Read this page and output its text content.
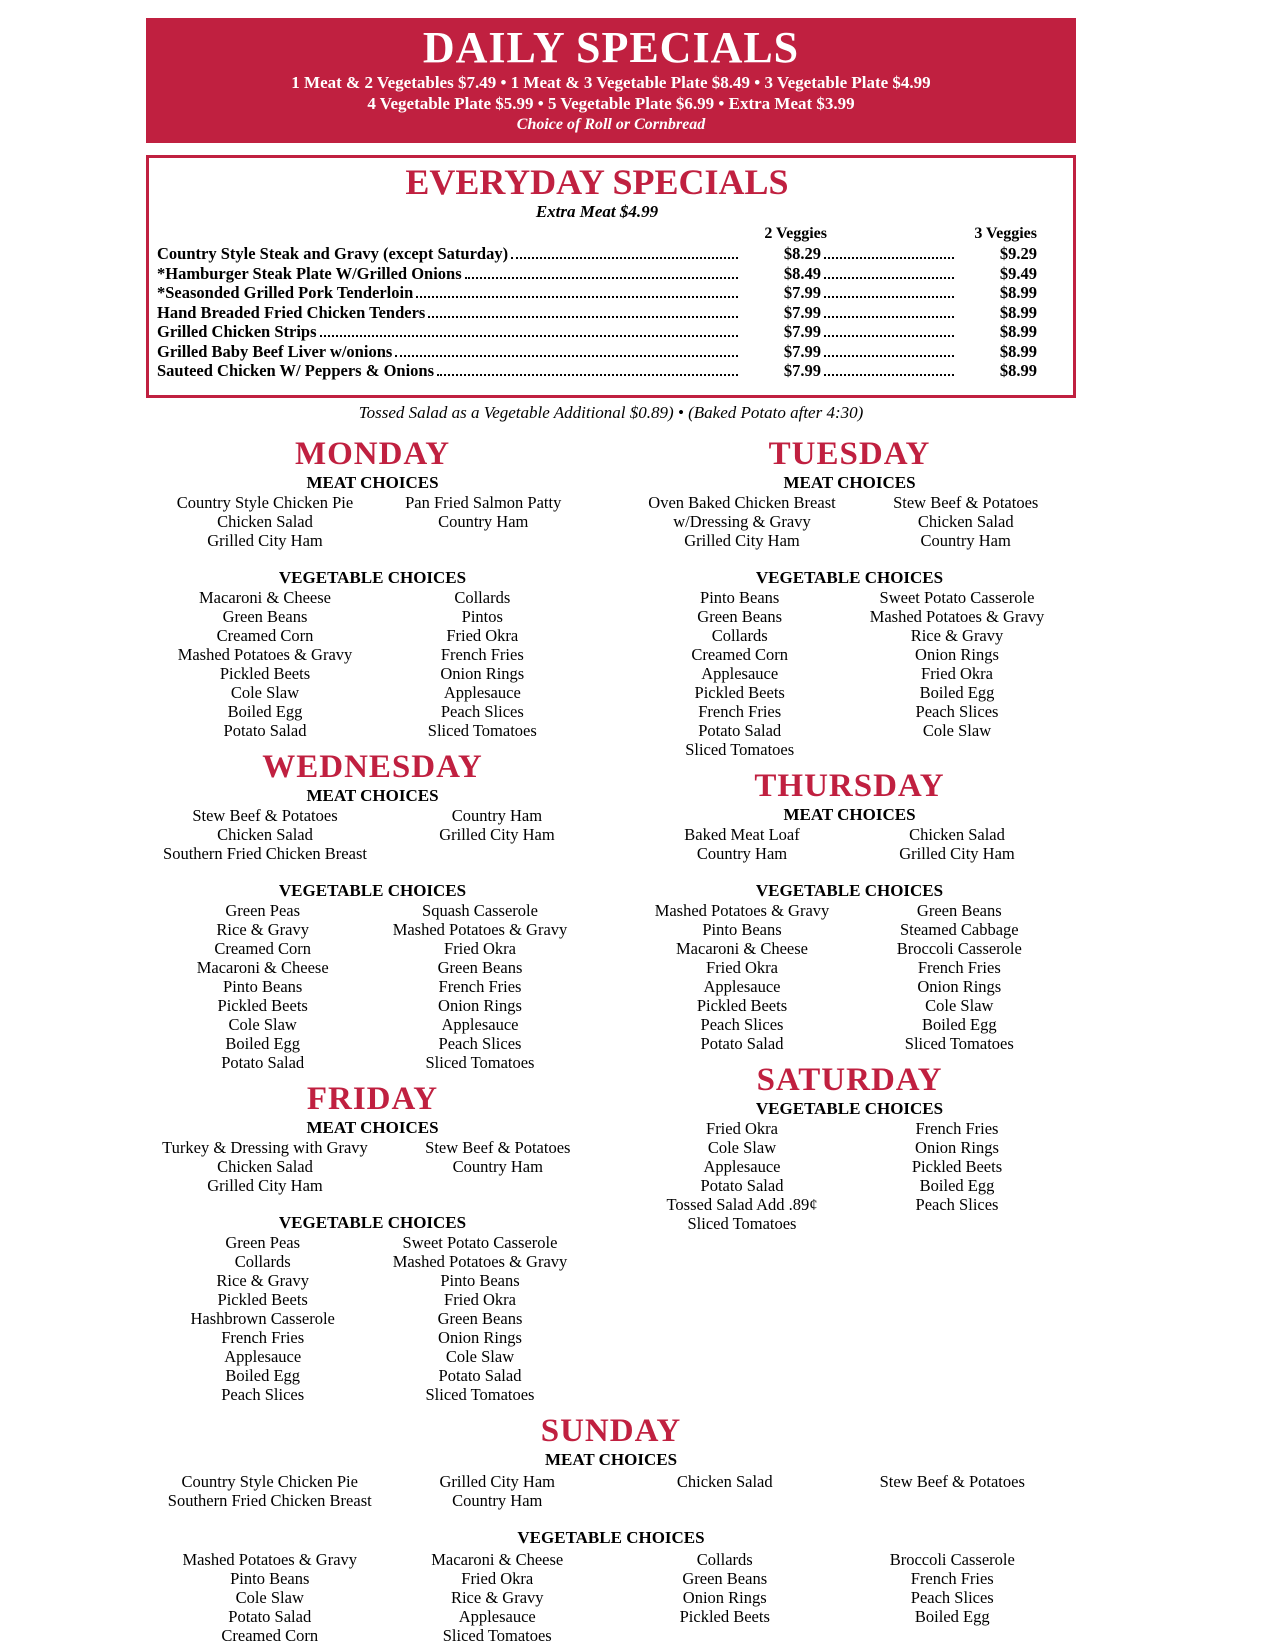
DAILY SPECIALS
1 Meat & 2 Vegetables $7.49 • 1 Meat & 3 Vegetable Plate $8.49 • 3 Vegetable Plate $4.99
4 Vegetable Plate $5.99 • 5 Vegetable Plate $6.99 • Extra Meat $3.99
Choice of Roll or Cornbread
EVERYDAY SPECIALS
Extra Meat $4.99
2 Veggies	3 Veggies
Country Style Steak and Gravy (except Saturday)	$8.29	$9.29
*Hamburger Steak Plate W/Grilled Onions	$8.49	$9.49
*Seasonded Grilled Pork Tenderloin	$7.99	$8.99
Hand Breaded Fried Chicken Tenders	$7.99	$8.99
Grilled Chicken Strips	$7.99	$8.99
Grilled Baby Beef Liver w/onions	$7.99	$8.99
Sauteed Chicken W/ Peppers & Onions	$7.99	$8.99
Tossed Salad as a Vegetable Additional $0.89) • (Baked Potato after 4:30)
MONDAY
MEAT CHOICES
Country Style Chicken Pie
Chicken Salad
Grilled City Ham
Pan Fried Salmon Patty
Country Ham
VEGETABLE CHOICES
Macaroni & Cheese
Green Beans
Creamed Corn
Mashed Potatoes & Gravy
Pickled Beets
Cole Slaw
Boiled Egg
Potato Salad
Collards
Pintos
Fried Okra
French Fries
Onion Rings
Applesauce
Peach Slices
Sliced Tomatoes
WEDNESDAY
MEAT CHOICES
Stew Beef & Potatoes
Chicken Salad
Southern Fried Chicken Breast
Country Ham
Grilled City Ham
VEGETABLE CHOICES
Green Peas
Rice & Gravy
Creamed Corn
Macaroni & Cheese
Pinto Beans
Pickled Beets
Cole Slaw
Boiled Egg
Potato Salad
Squash Casserole
Mashed Potatoes & Gravy
Fried Okra
Green Beans
French Fries
Onion Rings
Applesauce
Peach Slices
Sliced Tomatoes
FRIDAY
MEAT CHOICES
Turkey & Dressing with Gravy
Chicken Salad
Grilled City Ham
Stew Beef & Potatoes
Country Ham
VEGETABLE CHOICES
Green Peas
Collards
Rice & Gravy
Pickled Beets
Hashbrown Casserole
French Fries
Applesauce
Boiled Egg
Peach Slices
Sweet Potato Casserole
Mashed Potatoes & Gravy
Pinto Beans
Fried Okra
Green Beans
Onion Rings
Cole Slaw
Potato Salad
Sliced Tomatoes
TUESDAY
MEAT CHOICES
Oven Baked Chicken Breast
w/Dressing & Gravy
Grilled City Ham
Stew Beef & Potatoes
Chicken Salad
Country Ham
VEGETABLE CHOICES
Pinto Beans
Green Beans
Collards
Creamed Corn
Applesauce
Pickled Beets
French Fries
Potato Salad
Sliced Tomatoes
Sweet Potato Casserole
Mashed Potatoes & Gravy
Rice & Gravy
Onion Rings
Fried Okra
Boiled Egg
Peach Slices
Cole Slaw
THURSDAY
MEAT CHOICES
Baked Meat Loaf
Country Ham
Chicken Salad
Grilled City Ham
VEGETABLE CHOICES
Mashed Potatoes & Gravy
Pinto Beans
Macaroni & Cheese
Fried Okra
Applesauce
Pickled Beets
Peach Slices
Potato Salad
Green Beans
Steamed Cabbage
Broccoli Casserole
French Fries
Onion Rings
Cole Slaw
Boiled Egg
Sliced Tomatoes
SATURDAY
VEGETABLE CHOICES
Fried Okra
Cole Slaw
Applesauce
Potato Salad
Tossed Salad Add .89¢
Sliced Tomatoes
French Fries
Onion Rings
Pickled Beets
Boiled Egg
Peach Slices
SUNDAY
MEAT CHOICES
Country Style Chicken Pie
Southern Fried Chicken Breast
Grilled City Ham
Country Ham
Chicken Salad	Stew Beef & Potatoes
VEGETABLE CHOICES
Mashed Potatoes & Gravy
Pinto Beans
Cole Slaw
Potato Salad
Creamed Corn
Macaroni & Cheese
Fried Okra
Rice & Gravy
Applesauce
Sliced Tomatoes
Collards
Green Beans
Onion Rings
Pickled Beets
Broccoli Casserole
French Fries
Peach Slices
Boiled Egg
